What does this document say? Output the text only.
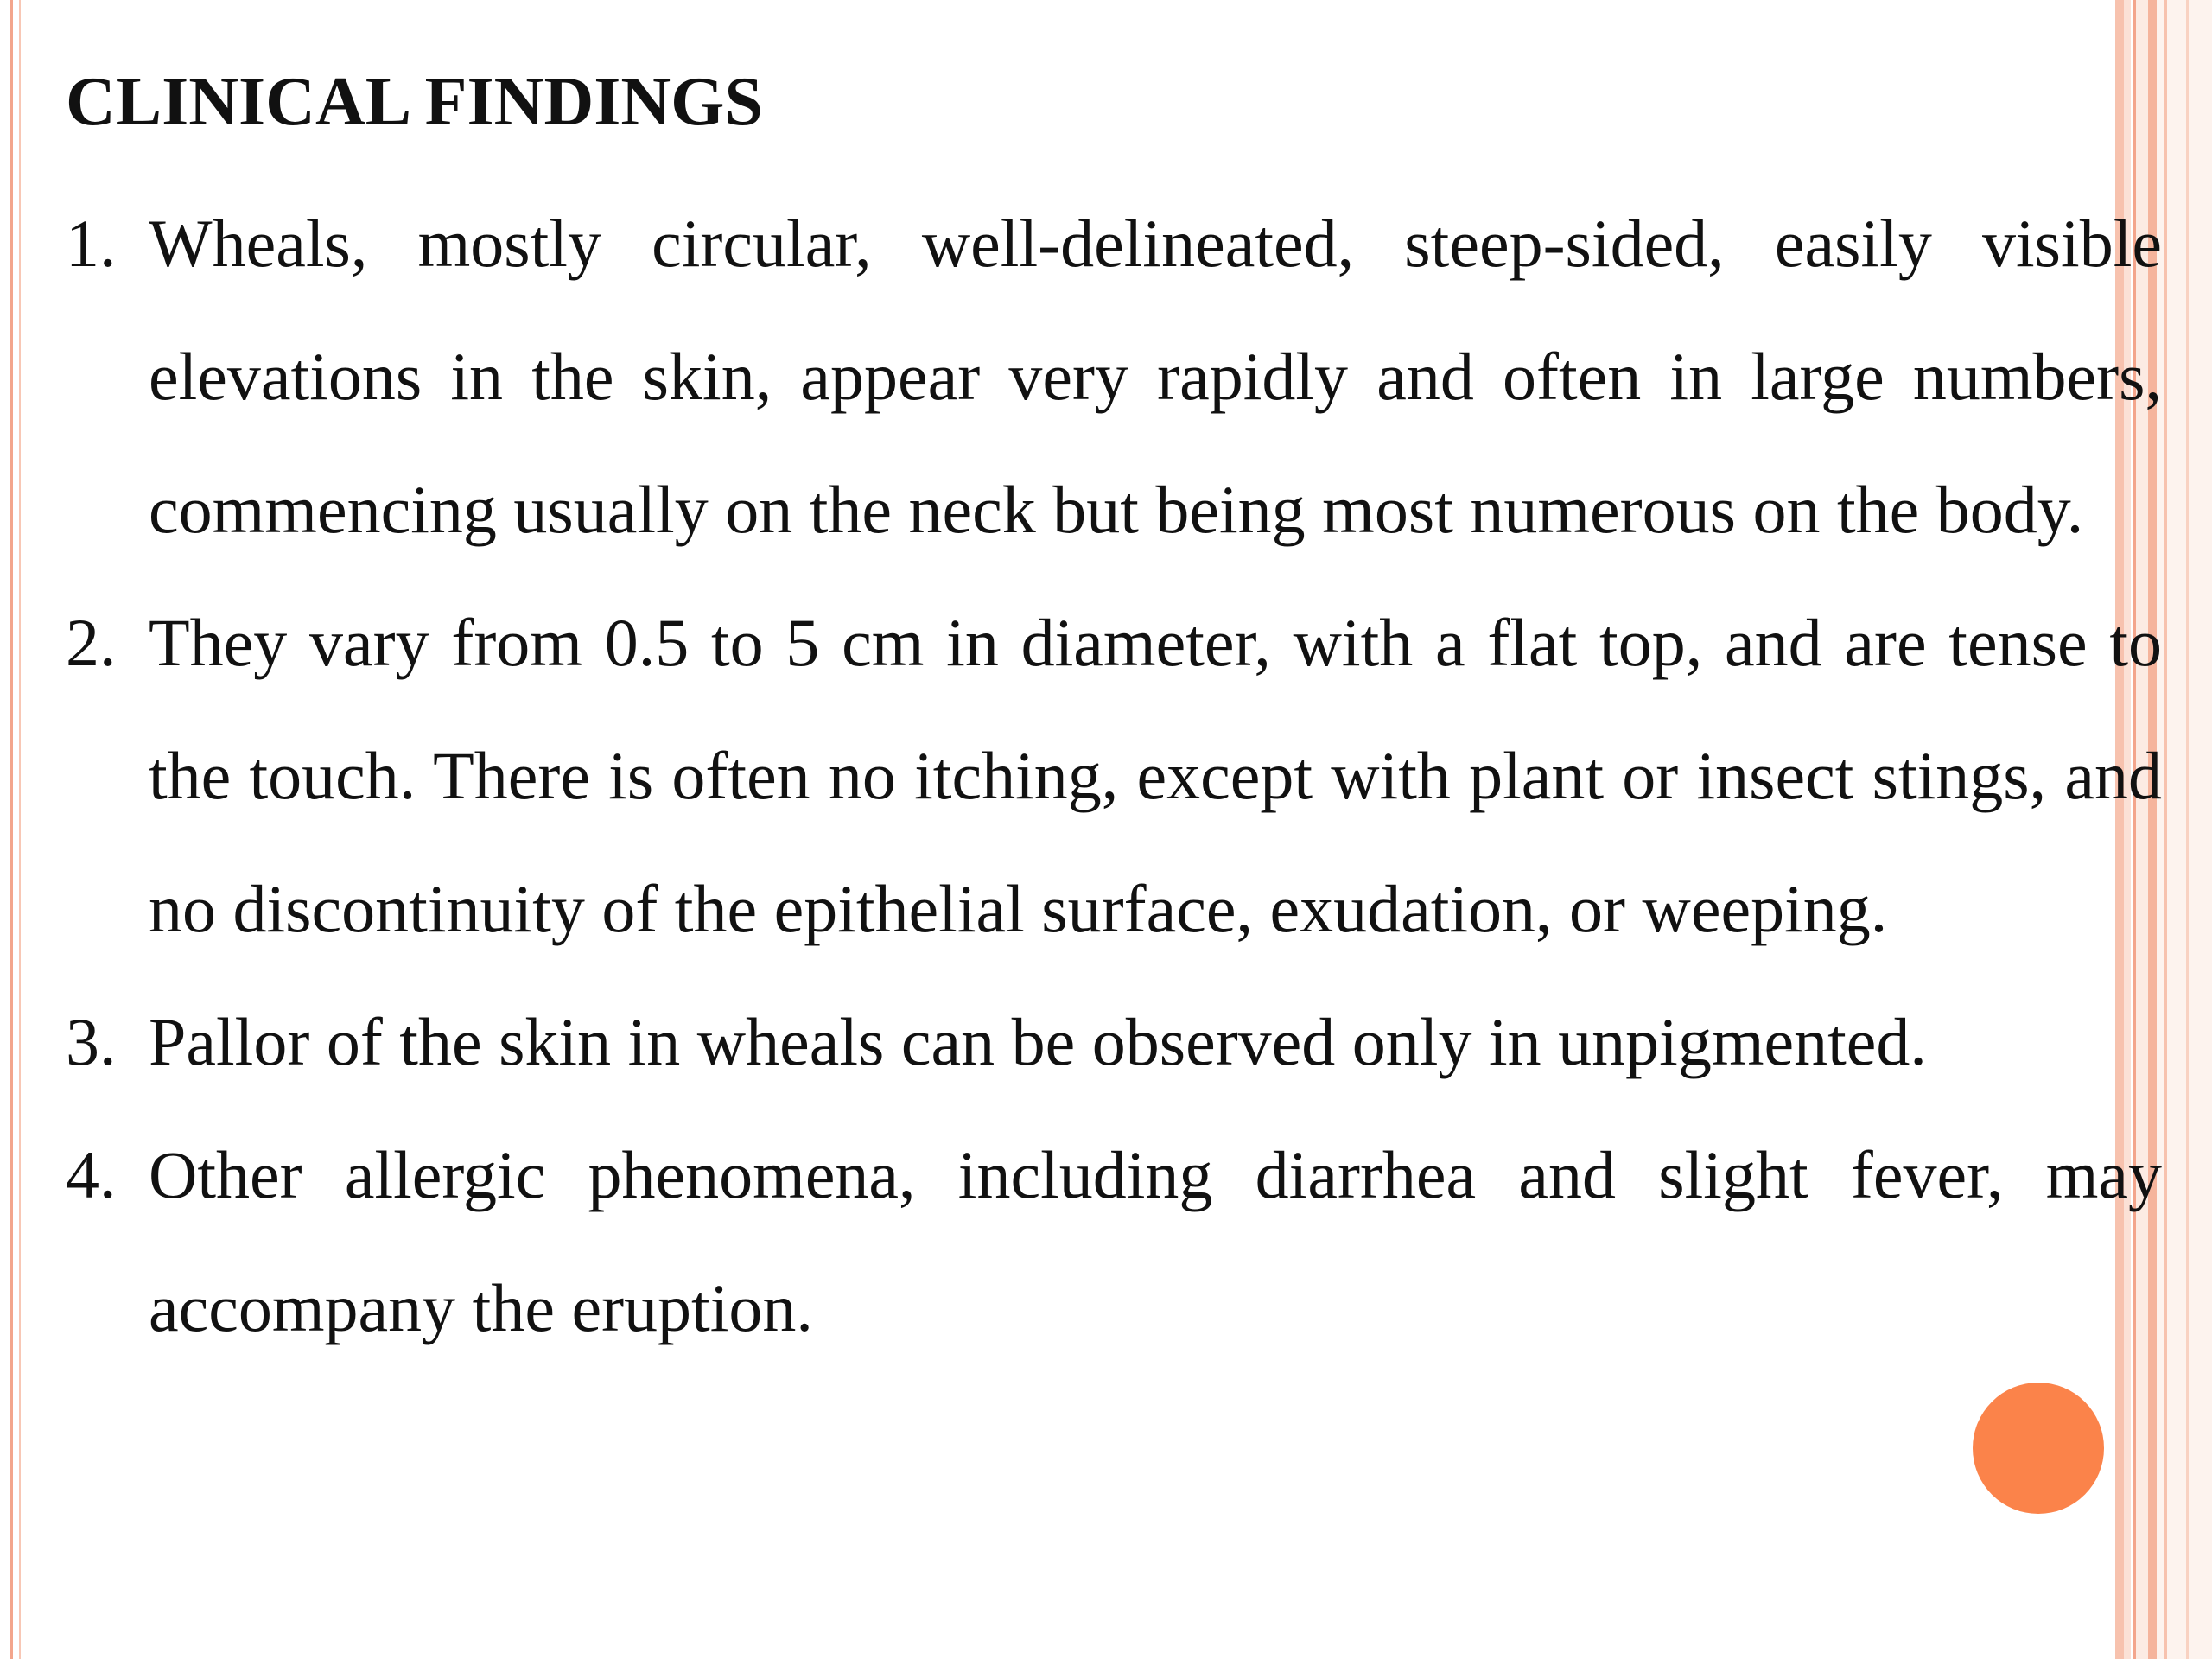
CLINICAL FINDINGS
1. Wheals, mostly circular, well-delineated, steep-sided, easily visible elevations in the skin, appear very rapidly and often in large numbers, commencing usually on the neck but being most numerous on the body.
2. They vary from 0.5 to 5 cm in diameter, with a flat top, and are tense to the touch. There is often no itching, except with plant or insect stings, and no discontinuity of the epithelial surface, exudation, or weeping.
3. Pallor of the skin in wheals can be observed only in unpigmented.
4. Other allergic phenomena, including diarrhea and slight fever, may accompany the eruption.
